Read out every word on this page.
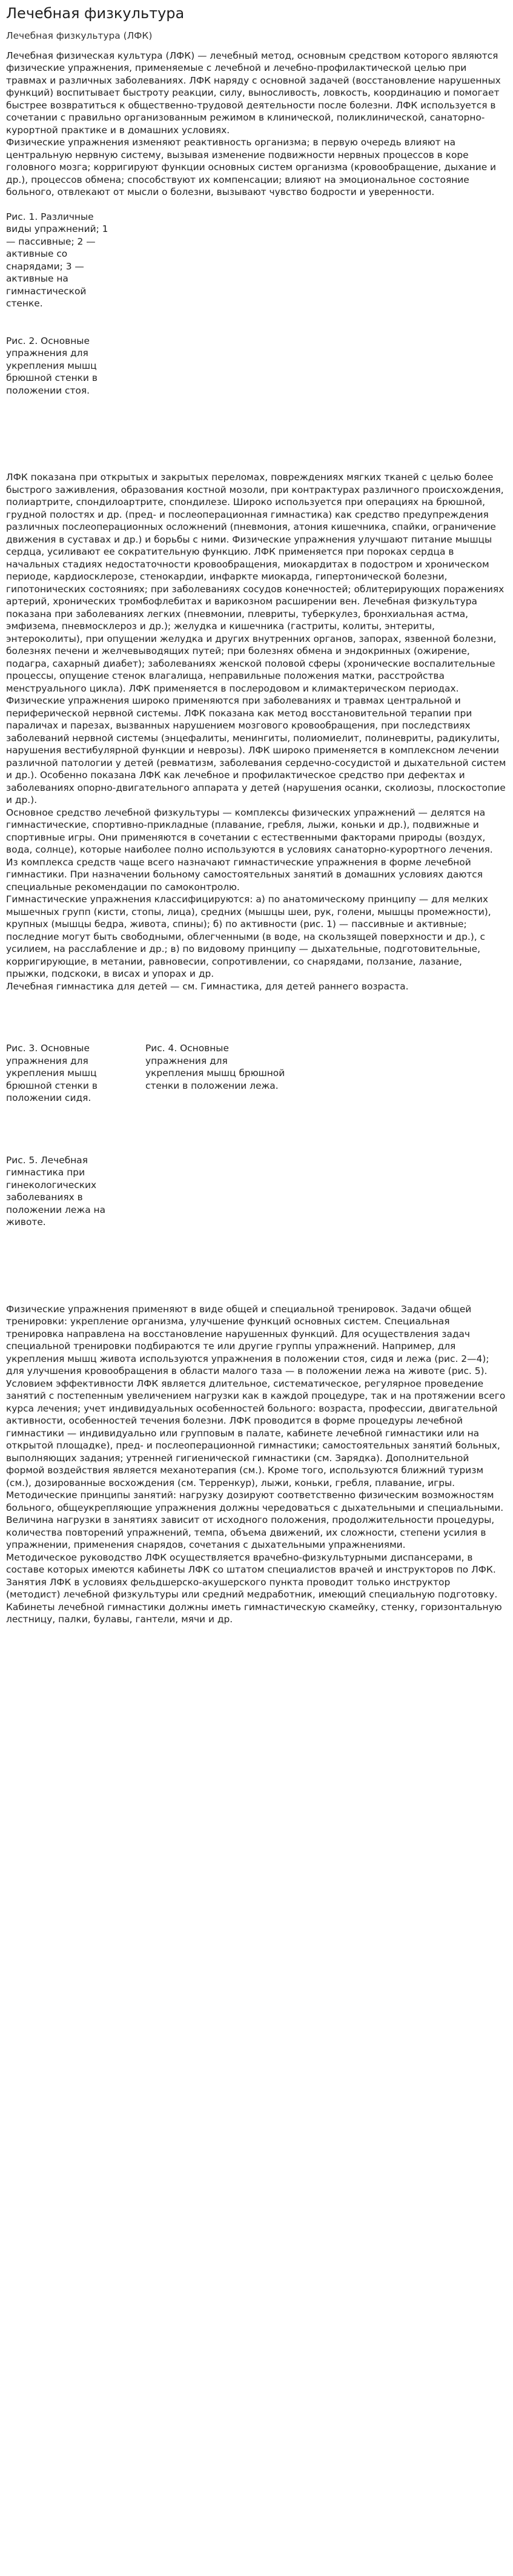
Лечебная физкультура

Лечебная физкультура (ЛФК)

Лечебная физическая культура (ЛФК) — лечебный метод, основным средством которого являются физические упражнения, применяемые с лечебной и лечебно-профилактической целью при травмах и различных заболеваниях. ЛФК наряду с основной задачей (восстановление нарушенных функций) воспитывает быстроту реакции, силу, выносливость, ловкость, координацию и помогает быстрее возвратиться к общественно-трудовой деятельности после болезни. ЛФК используется в сочетании с правильно организованным режимом в клинической, поликлинической, санаторно-курортной практике и в домашних условиях.

Физические упражнения изменяют реактивность организма; в первую очередь влияют на центральную нервную систему, вызывая изменение подвижности нервных процессов в коре головного мозга; корригируют функции основных систем организма (кровообращение, дыхание и др.), процессов обмена; способствуют их компенсации; влияют на эмоциональное состояние больного, отвлекают от мысли о болезни, вызывают чувство бодрости и уверенности.

Рис. 1. Различные виды упражнений; 1 — пассивные; 2 — активные со снарядами; 3 — активные на гимнастической стенке.

Рис. 2. Основные упражнения для укрепления мышц брюшной стенки в положении стоя.

ЛФК показана при открытых и закрытых переломах, повреждениях мягких тканей с целью более быстрого заживления, образования костной мозоли, при контрактурах различного происхождения, полиартрите, спондилоартрите, спондилезе. Широко используется при операциях на брюшной, грудной полостях и др. (пред- и послеоперационная гимнастика) как средство предупреждения различных послеоперационных осложнений (пневмония, атония кишечника, спайки, ограничение движения в суставах и др.) и борьбы с ними. Физические упражнения улучшают питание мышцы сердца, усиливают ее сократительную функцию. ЛФК применяется при пороках сердца в начальных стадиях недостаточности кровообращения, миокардитах в подостром и хроническом периоде, кардиосклерозе, стенокардии, инфаркте миокарда, гипертонической болезни, гипотонических состояниях; при заболеваниях сосудов конечностей; облитерирующих поражениях артерий, хронических тромбофлебитах и варикозном расширении вен. Лечебная физкультура показана при заболеваниях легких (пневмонии, плевриты, туберкулез, бронхиальная астма, эмфизема, пневмосклероз и др.); желудка и кишечника (гастриты, колиты, энтериты, энтероколиты), при опущении желудка и других внутренних органов, запорах, язвенной болезни, болезнях печени и желчевыводящих путей; при болезнях обмена и эндокринных (ожирение, подагра, сахарный диабет); заболеваниях женской половой сферы (хронические воспалительные процессы, опущение стенок влагалища, неправильные положения матки, расстройства менструального цикла). ЛФК применяется в послеродовом и климактерическом периодах. Физические упражнения широко применяются при заболеваниях и травмах центральной и периферической нервной системы. ЛФК показана как метод восстановительной терапии при параличах и парезах, вызванных нарушением мозгового кровообращения, при последствиях заболеваний нервной системы (энцефалиты, менингиты, полиомиелит, полиневриты, радикулиты, нарушения вестибулярной функции и неврозы). ЛФК широко применяется в комплексном лечении различной патологии у детей (ревматизм, заболевания сердечно-сосудистой и дыхательной систем и др.). Особенно показана ЛФК как лечебное и профилактическое средство при дефектах и заболеваниях опорно-двигательного аппарата у детей (нарушения осанки, сколиозы, плоскостопие и др.).

Основное средство лечебной физкультуры — комплексы физических упражнений — делятся на гимнастические, спортивно-прикладные (плавание, гребля, лыжи, коньки и др.), подвижные и спортивные игры. Они применяются в сочетании с естественными факторами природы (воздух, вода, солнце), которые наиболее полно используются в условиях санаторно-курортного лечения. Из комплекса средств чаще всего назначают гимнастические упражнения в форме лечебной гимнастики. При назначении больному самостоятельных занятий в домашних условиях даются специальные рекомендации по самоконтролю.

Гимнастические упражнения классифицируются: а) по анатомическому принципу — для мелких мышечных групп (кисти, стопы, лица), средних (мышцы шеи, рук, голени, мышцы промежности), крупных (мышцы бедра, живота, спины); б) по активности (рис. 1) — пассивные и активные; последние могут быть свободными, облегченными (в воде, на скользящей поверхности и др.), с усилием, на расслабление и др.; в) по видовому принципу — дыхательные, подготовительные, корригирующие, в метании, равновесии, сопротивлении, со снарядами, ползание, лазание, прыжки, подскоки, в висах и упорах и др.

Лечебная гимнастика для детей — см. Гимнастика, для детей раннего возраста.

Рис. 3. Основные упражнения для укрепления мышц брюшной стенки в положении сидя.

Рис. 4. Основные упражнения для укрепления мышц брюшной стенки в положении лежа.

Рис. 5. Лечебная гимнастика при гинекологических заболеваниях в положении лежа на животе.

Физические упражнения применяют в виде общей и специальной тренировок. Задачи общей тренировки: укрепление организма, улучшение функций основных систем. Специальная тренировка направлена на восстановление нарушенных функций. Для осуществления задач специальной тренировки подбираются те или другие группы упражнений. Например, для укрепления мышц живота используются упражнения в положении стоя, сидя и лежа (рис. 2—4); для улучшения кровообращения в области малого таза — в положении лежа на животе (рис. 5).

Условием эффективности ЛФК является длительное, систематическое, регулярное проведение занятий с постепенным увеличением нагрузки как в каждой процедуре, так и на протяжении всего курса лечения; учет индивидуальных особенностей больного: возраста, профессии, двигательной активности, особенностей течения болезни. ЛФК проводится в форме процедуры лечебной гимнастики — индивидуально или групповым в палате, кабинете лечебной гимнастики или на открытой площадке), пред- и послеоперационной гимнастики; самостоятельных занятий больных, выполняющих задания; утренней гигиенической гимнастики (см. Зарядка). Дополнительной формой воздействия является механотерапия (см.). Кроме того, используются ближний туризм (см.), дозированные восхождения (см. Терренкур), лыжи, коньки, гребля, плавание, игры.

Методические принципы занятий: нагрузку дозируют соответственно физическим возможностям больного, общеукрепляющие упражнения должны чередоваться с дыхательными и специальными. Величина нагрузки в занятиях зависит от исходного положения, продолжительности процедуры, количества повторений упражнений, темпа, объема движений, их сложности, степени усилия в упражнении, применения снарядов, сочетания с дыхательными упражнениями.

Методическое руководство ЛФК осуществляется врачебно-физкультурными диспансерами, в составе которых имеются кабинеты ЛФК со штатом специалистов врачей и инструкторов по ЛФК.

Занятия ЛФК в условиях фельдшерско-акушерского пункта проводит только инструктор (методист) лечебной физкультуры или средний медработник, имеющий специальную подготовку. Кабинеты лечебной гимнастики должны иметь гимнастическую скамейку, стенку, горизонтальную лестницу, палки, булавы, гантели, мячи и др.
